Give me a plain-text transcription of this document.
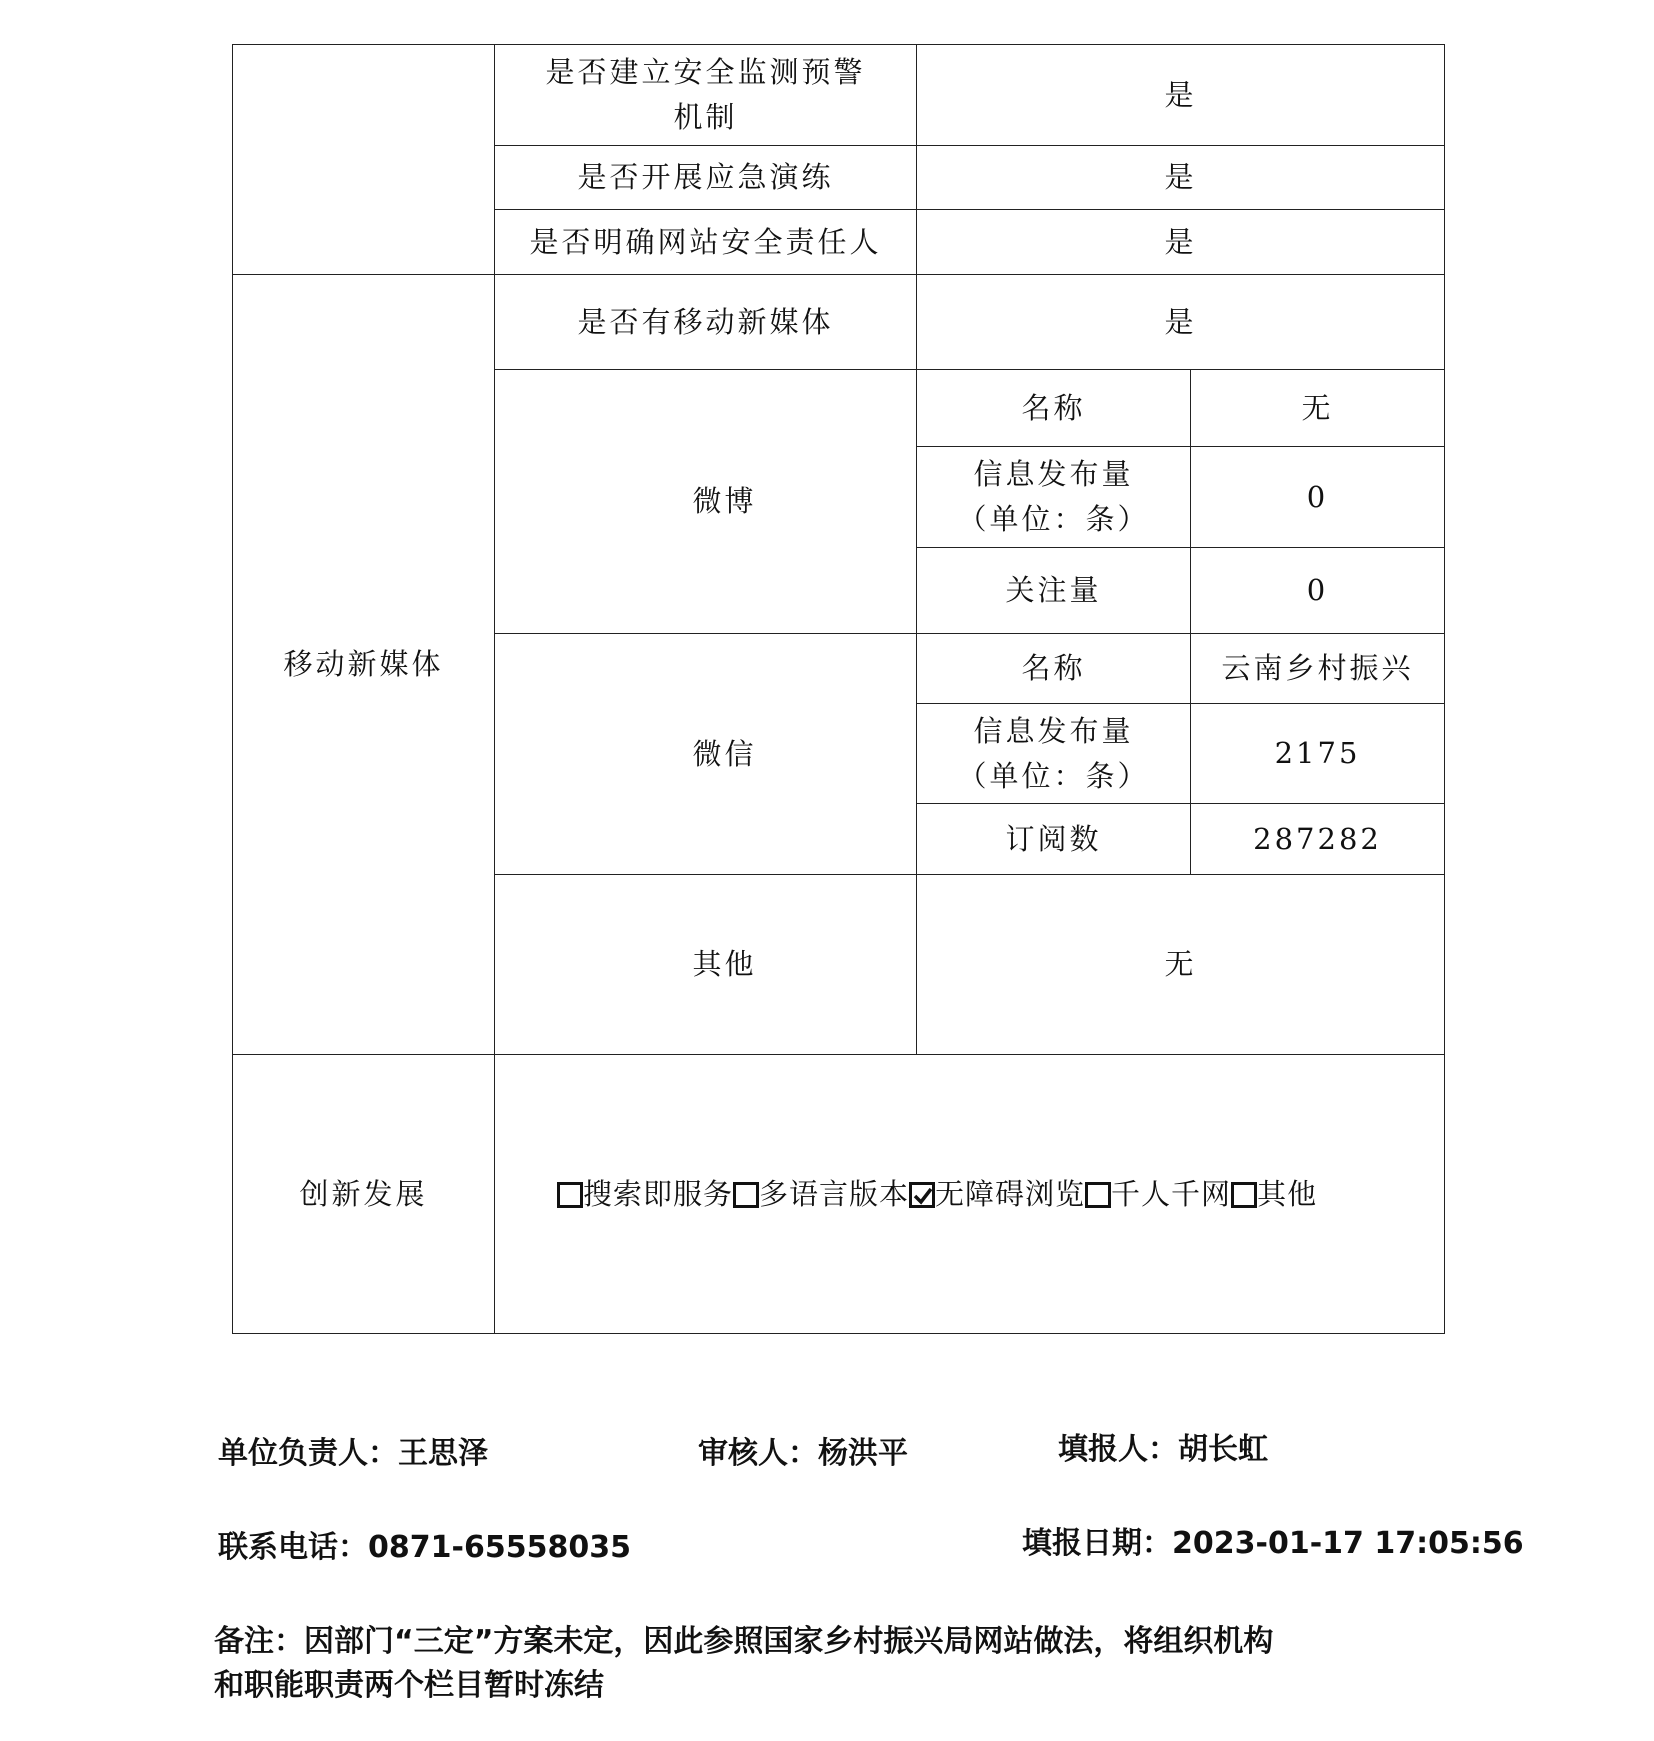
	是否建立安全监测预警
机制	是	
	是否开展应急演练	是	
	是否明确网站安全责任人	是	
移动新媒体	是否有移动新媒体	是	
	微博	名称	无
		信息发布量
（单位：条）	0
		关注量	0
	微信	名称	云南乡村振兴
		信息发布量
（单位：条）	2175
		订阅数	287282
	其他	无	
创新发展	搜索即服务 多语言版本 无障碍浏览 千人千网 其他		
单位负责人：王思泽	审核人：杨洪平	填报人：胡长虹
联系电话：0871-65558035	填报日期：2023-01-17 17:05:56
备注：因部门“三定”方案未定，因此参照国家乡村振兴局网站做法，将组织机构
和职能职责两个栏目暂时冻结
